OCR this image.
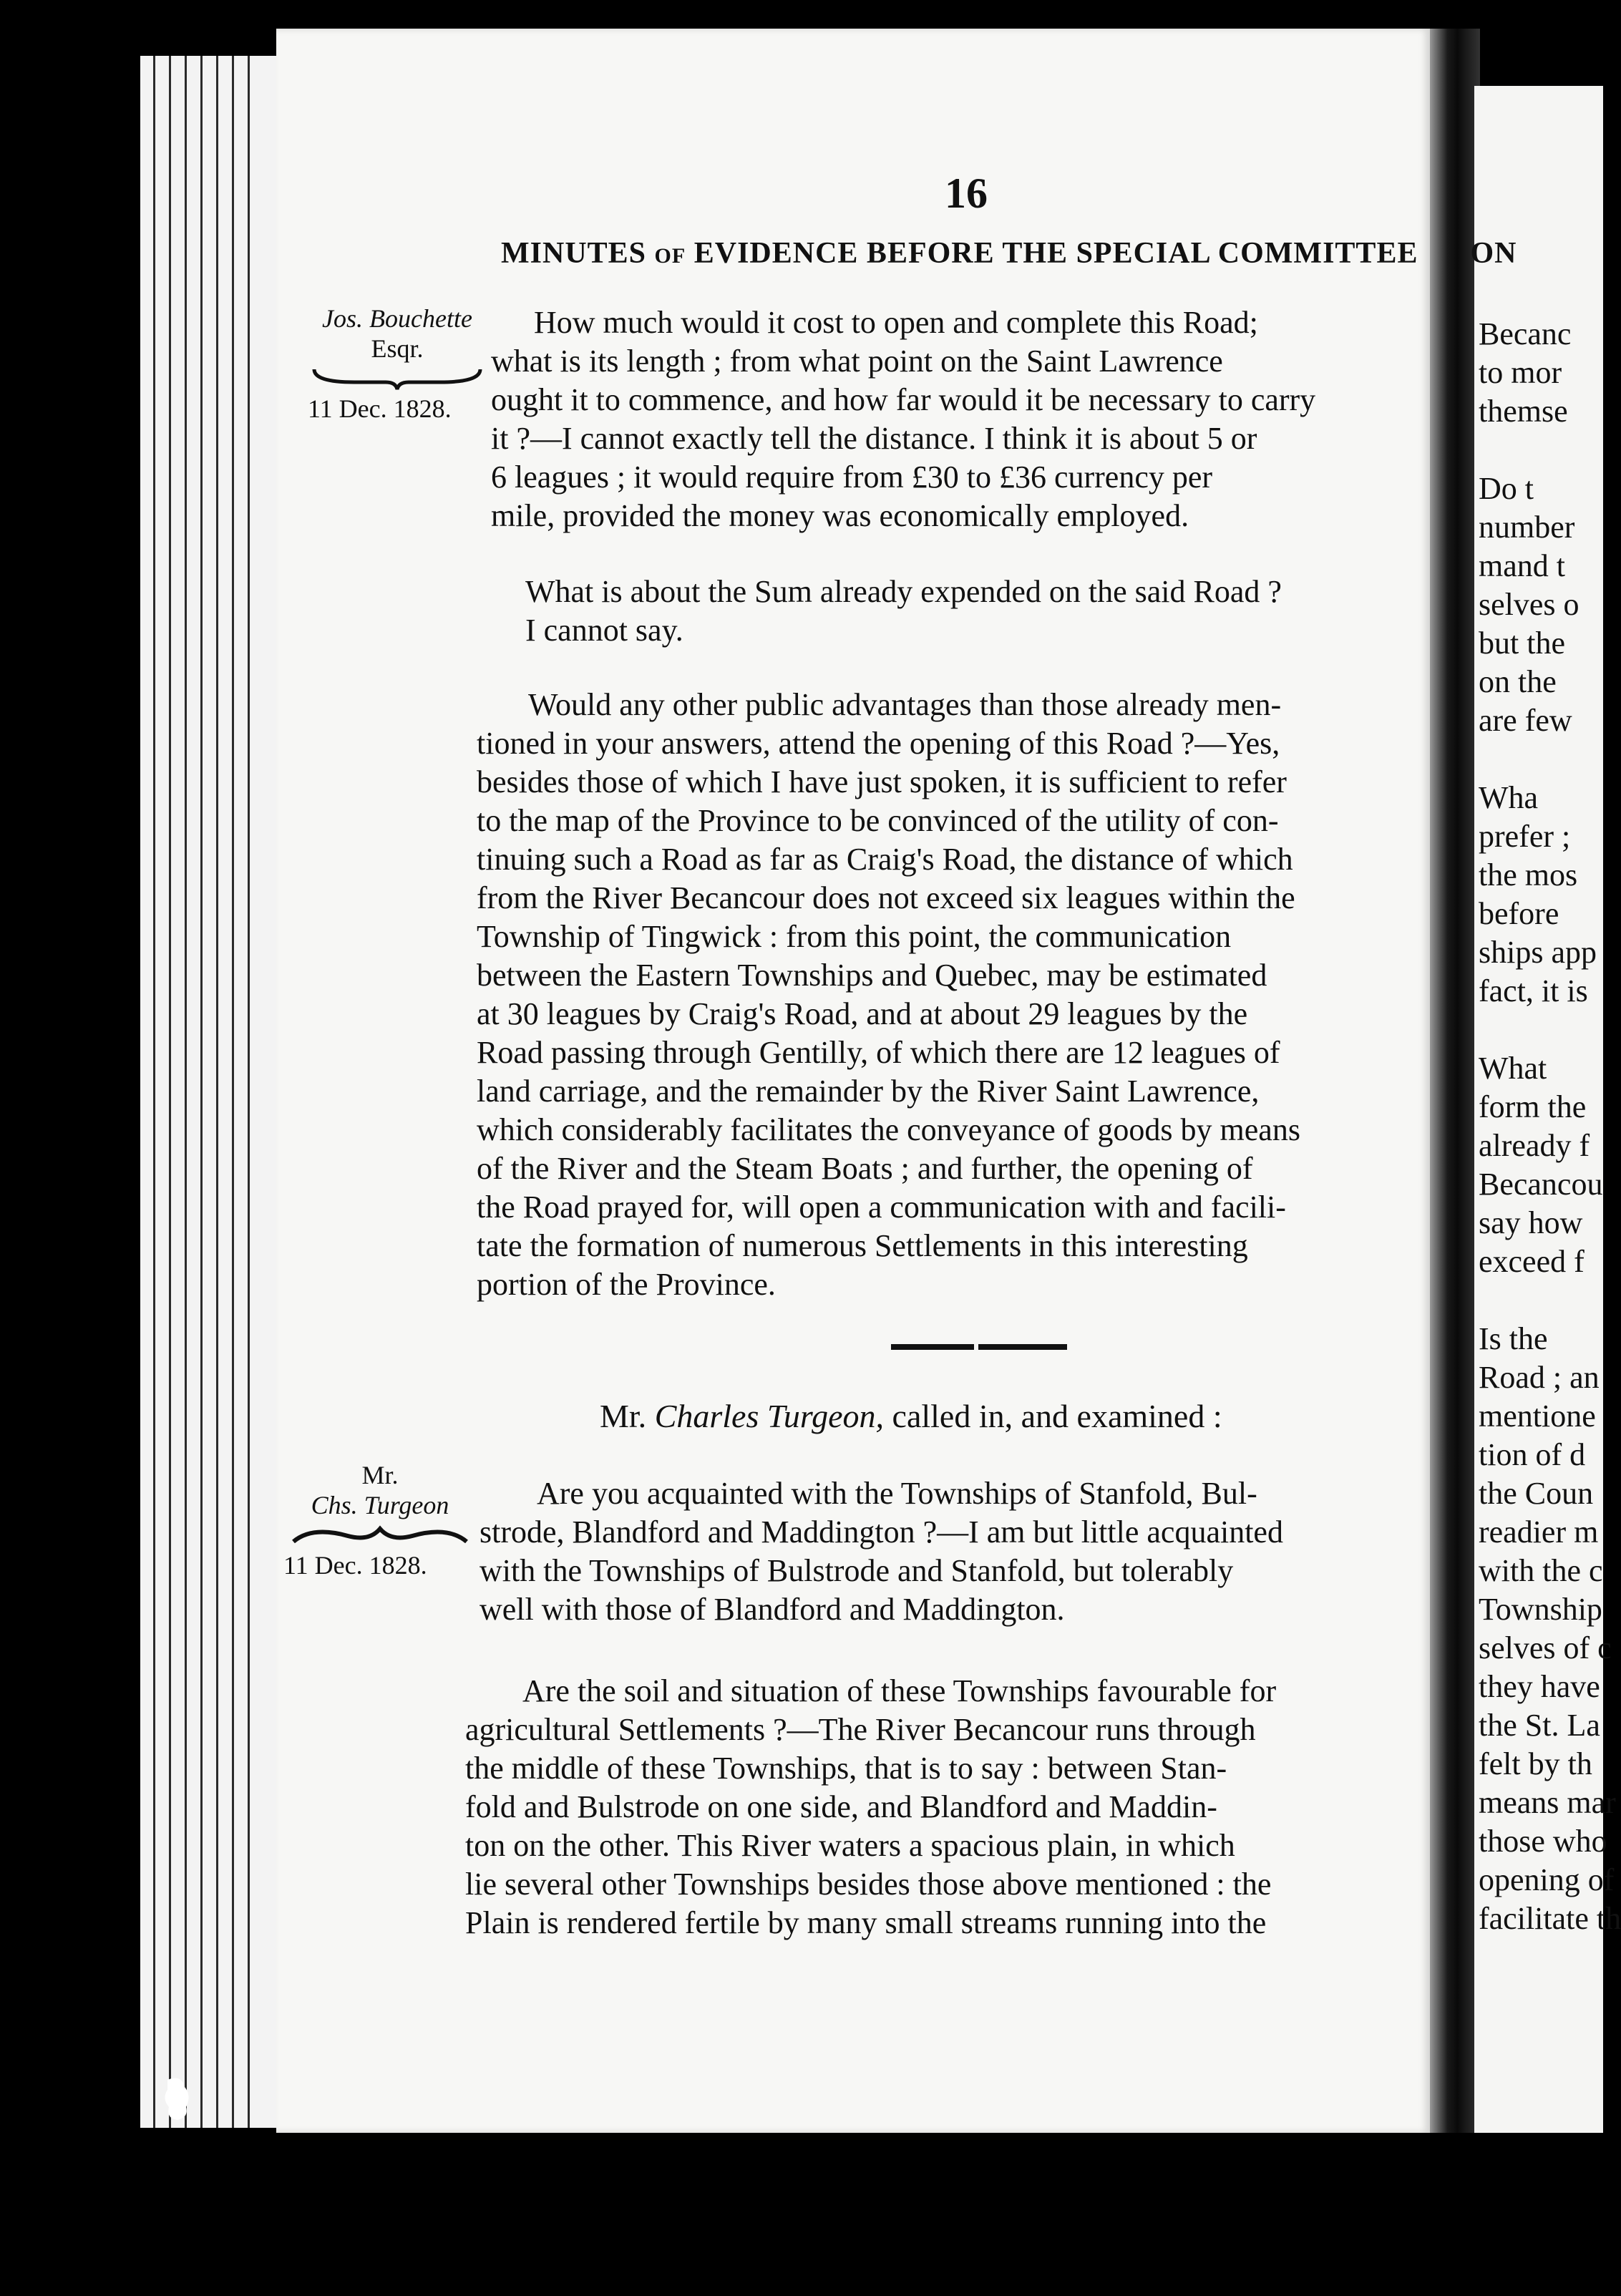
Becanc
to mor
themse
Do t
number
mand t
selves o
but the
on the
are few
Wha
prefer ;
the mos
before
ships app
fact, it is
What
form the
already f
Becancou
say how
exceed f
Is the
Road ; an
mentione
tion of d
the Coun
readier m
with the c
Township
selves of c
they have
the St. La
felt by th
means mar
those who
opening of
facilitate th
16
MINUTES OF EVIDENCE BEFORE THE SPECIAL COMMITTEE ON
Jos. Bouchette
Esqr.
11 Dec. 1828.
How much would it cost to open and complete this Road;
what is its length ; from what point on the Saint Lawrence
ought it to commence, and how far would it be necessary to carry
it ?—I cannot exactly tell the distance. I think it is about 5 or
6 leagues ; it would require from £30 to £36 currency per
mile, provided the money was economically employed.
What is about the Sum already expended on the said Road ?
I cannot say.
Would any other public advantages than those already men-
tioned in your answers, attend the opening of this Road ?—Yes,
besides those of which I have just spoken, it is sufficient to refer
to the map of the Province to be convinced of the utility of con-
tinuing such a Road as far as Craig's Road, the distance of which
from the River Becancour does not exceed six leagues within the
Township of Tingwick : from this point, the communication
between the Eastern Townships and Quebec, may be estimated
at 30 leagues by Craig's Road, and at about 29 leagues by the
Road passing through Gentilly, of which there are 12 leagues of
land carriage, and the remainder by the River Saint Lawrence,
which considerably facilitates the conveyance of goods by means
of the River and the Steam Boats ; and further, the opening of
the Road prayed for, will open a communication with and facili-
tate the formation of numerous Settlements in this interesting
portion of the Province.
Mr. Charles Turgeon, called in, and examined :
Mr.
Chs. Turgeon
11 Dec. 1828.
Are you acquainted with the Townships of Stanfold, Bul-
strode, Blandford and Maddington ?—I am but little acquainted
with the Townships of Bulstrode and Stanfold, but tolerably
well with those of Blandford and Maddington.
Are the soil and situation of these Townships favourable for
agricultural Settlements ?—The River Becancour runs through
the middle of these Townships, that is to say : between Stan-
fold and Bulstrode on one side, and Blandford and Maddin-
ton on the other. This River waters a spacious plain, in which
lie several other Townships besides those above mentioned : the
Plain is rendered fertile by many small streams running into the
